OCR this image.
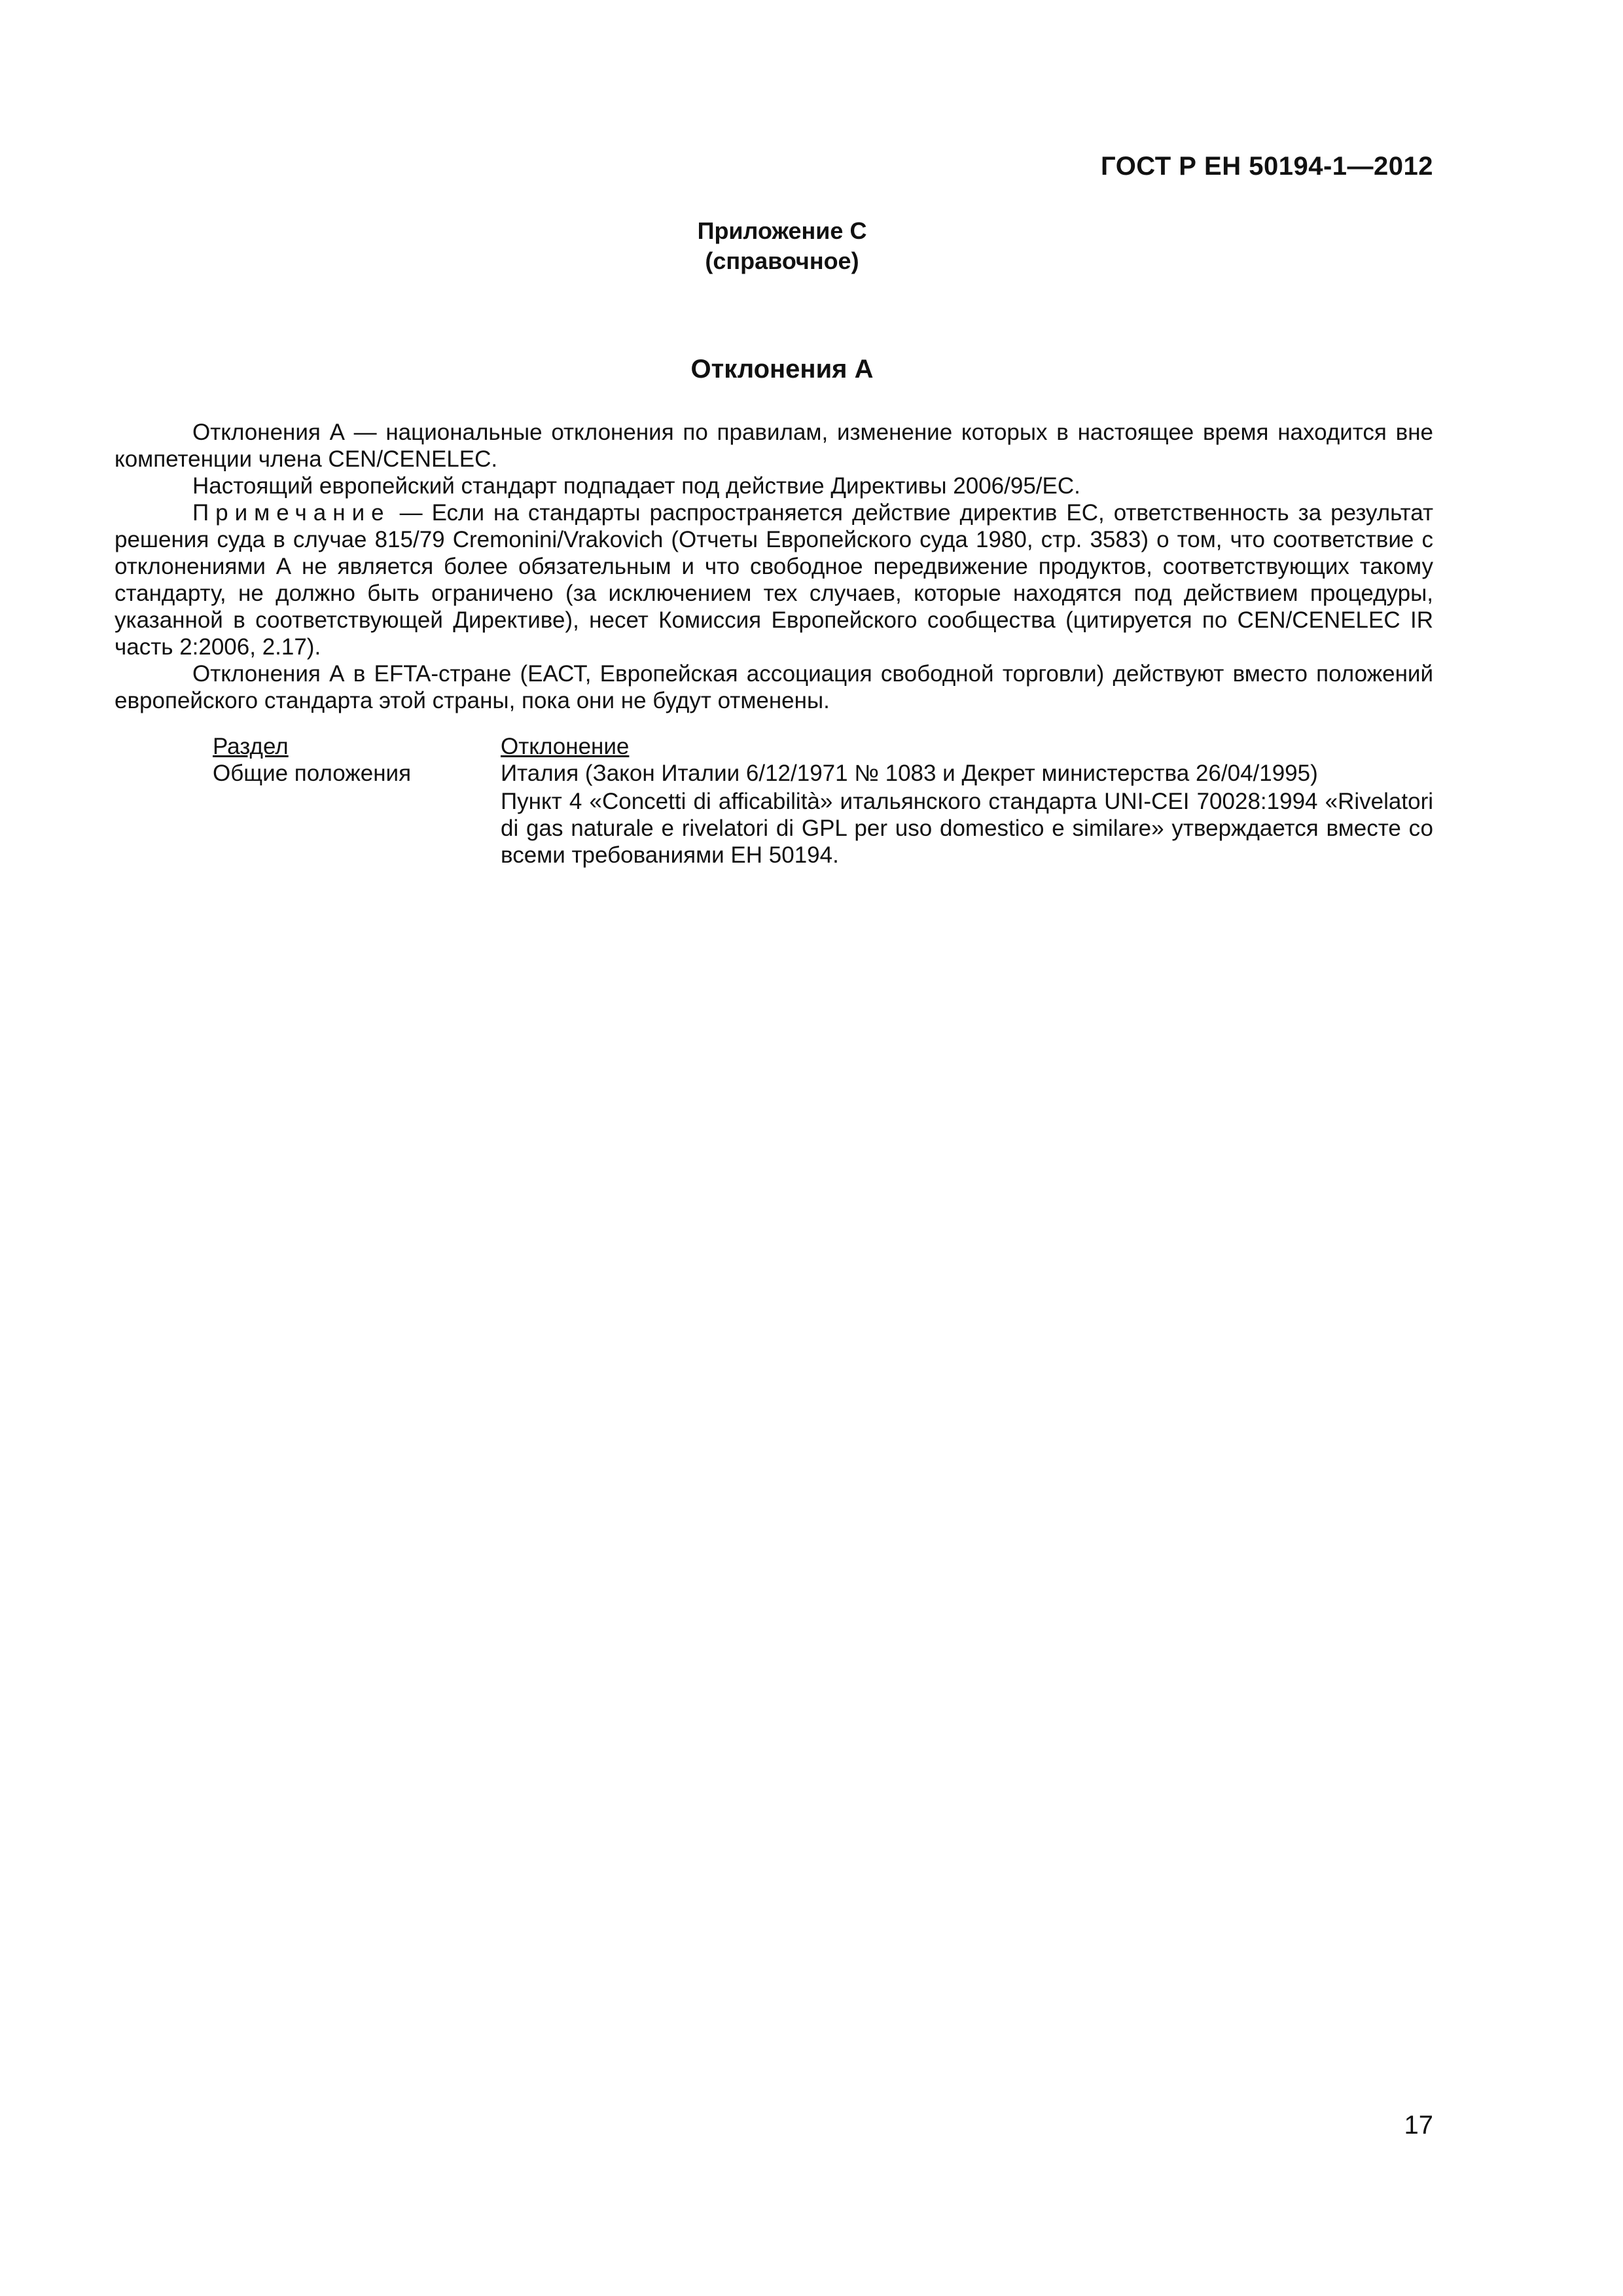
ГОСТ Р ЕН 50194-1—2012
Приложение C
(справочное)
Отклонения А

Отклонения А — национальные отклонения по правилам, изменение которых в настоящее время находится вне компетенции члена CEN/CENELEC.

Настоящий европейский стандарт подпадает под действие Директивы 2006/95/ЕС.

Примечание — Если на стандарты распространяется действие директив ЕС, ответственность за результат решения суда в случае 815/79 Cremonini/Vrakovich (Отчеты Европейского суда 1980, стр. 3583) о том, что соответствие с отклонениями А не является более обязательным и что свободное передвижение продуктов, соответствующих такому стандарту, не должно быть ограничено (за исключением тех случаев, которые находятся под действием процедуры, указанной в соответствующей Директиве), несет Комиссия Европейского сообщества (цитируется по CEN/CENELEC IR часть 2:2006, 2.17).

Отклонения А в EFTA-стране (ЕАСТ, Европейская ассоциация свободной торговли) действуют вместо положений европейского стандарта этой страны, пока они не будут отменены.

Раздел	Отклонение
Общие положения	Италия (Закон Италии 6/12/1971 № 1083 и Декрет министерства 26/04/1995)

Пункт 4 «Concetti di afficabilità» итальянского стандарта UNI-CEI 70028:1994 «Rivelatori di gas naturale e rivelatori di GPL per uso domestico e similare» утверждается вместе со всеми требованиями ЕН 50194.

17
